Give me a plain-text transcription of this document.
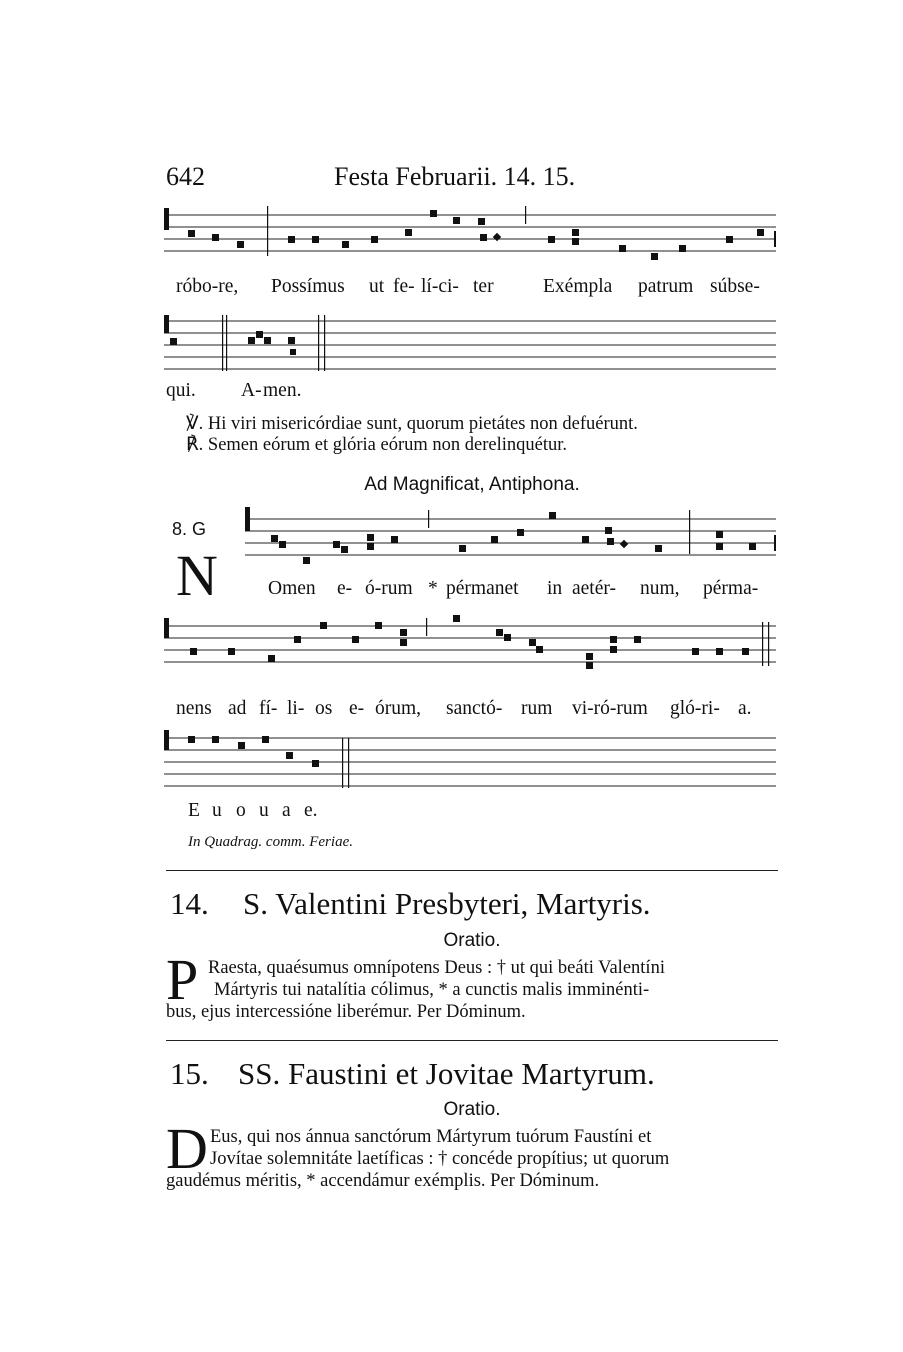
642	Festa Februarii. 14. 15.
róbo-re, Possímus ut fe- lí-ci- ter	Exémpla patrum súbse-
qui. A- men.
℣. Hi viri misericórdiae sunt, quorum pietátes non defuérunt.
℟. Semen eórum et glória eórum non derelinquétur.
Ad Magnificat, Antiphona.
8. G
N	Omen e- ó-rum * pérmanet in aetér- num, pérma-
nens ad fí- li- os e- órum, sanctó- rum vi-ró-rum gló-ri- a.
E u o u a e.
In Quadrag. comm. Feriae.
14. S. Valentini Presbyteri, Martyris.
Oratio.
P Raesta, quaésumus omnípotens Deus : † ut qui beáti Valentíni
Mártyris tui natalítia cólimus, * a cunctis malis imminénti-
bus, ejus intercessióne liberémur. Per Dóminum.
15. SS. Faustini et Jovitae Martyrum.
Oratio.
D Eus, qui nos ánnua sanctórum Mártyrum tuórum Faustíni et
Jovítae solemnitáte laetíficas : † concéde propítius; ut quorum
gaudémus méritis, * accendámur exémplis. Per Dóminum.
